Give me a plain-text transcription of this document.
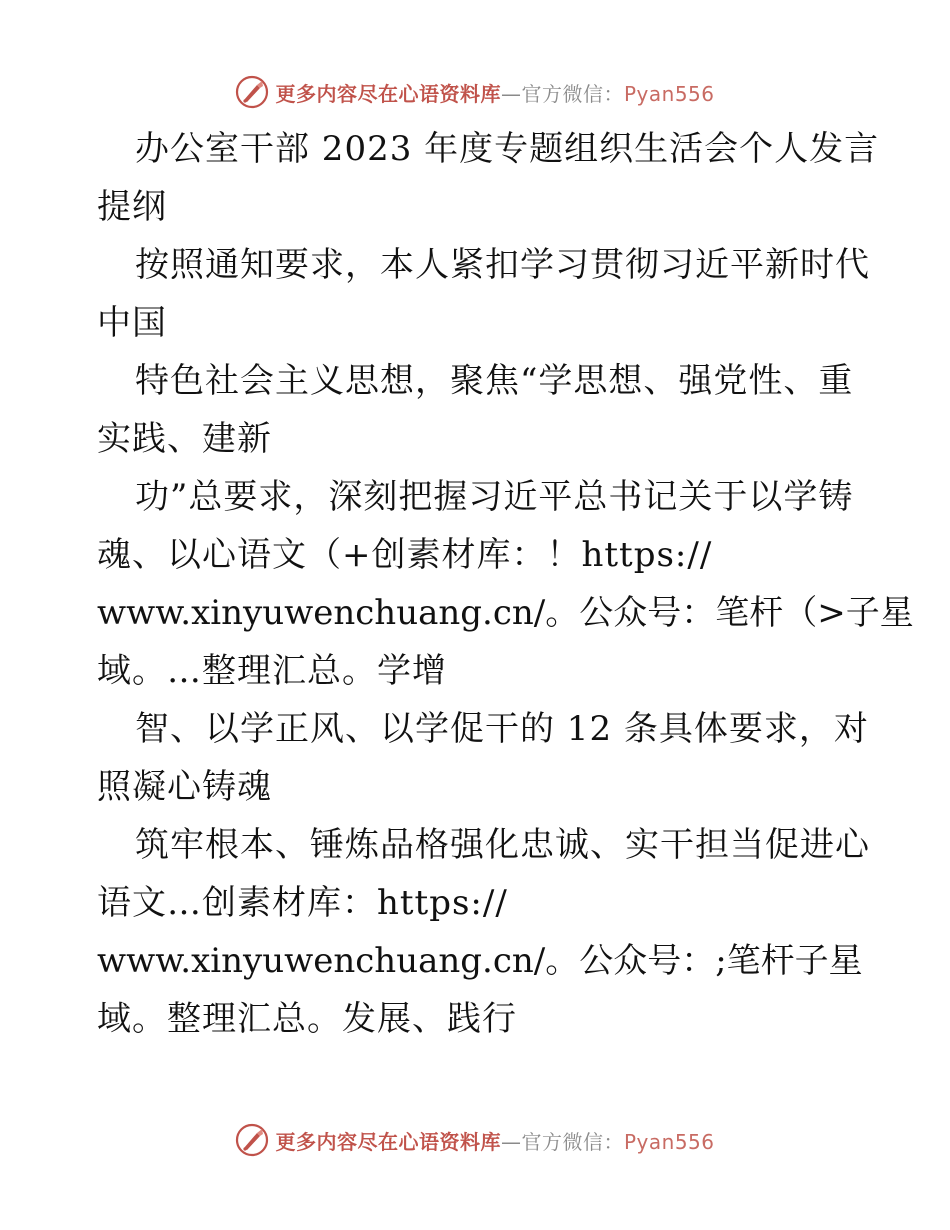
更多内容尽在心语资料库—官方微信：Pyan556
办公室干部 2023 年度专题组织生活会个人发言
提纲
按照通知要求，本人紧扣学习贯彻习近平新时代
中国
特色社会主义思想，聚焦“学思想、强党性、重
实践、建新
功”总要求，深刻把握习近平总书记关于以学铸
魂、以心语文（+创素材库：！https://
www.xinyuwenchuang.cn/。公众号：笔杆（>子星
域。…整理汇总。学增
智、以学正风、以学促干的 12 条具体要求，对
照凝心铸魂
筑牢根本、锤炼品格强化忠诚、实干担当促进心
语文…创素材库：https://
www.xinyuwenchuang.cn/。公众号：;笔杆子星
域。整理汇总。发展、践行
更多内容尽在心语资料库—官方微信：Pyan556
